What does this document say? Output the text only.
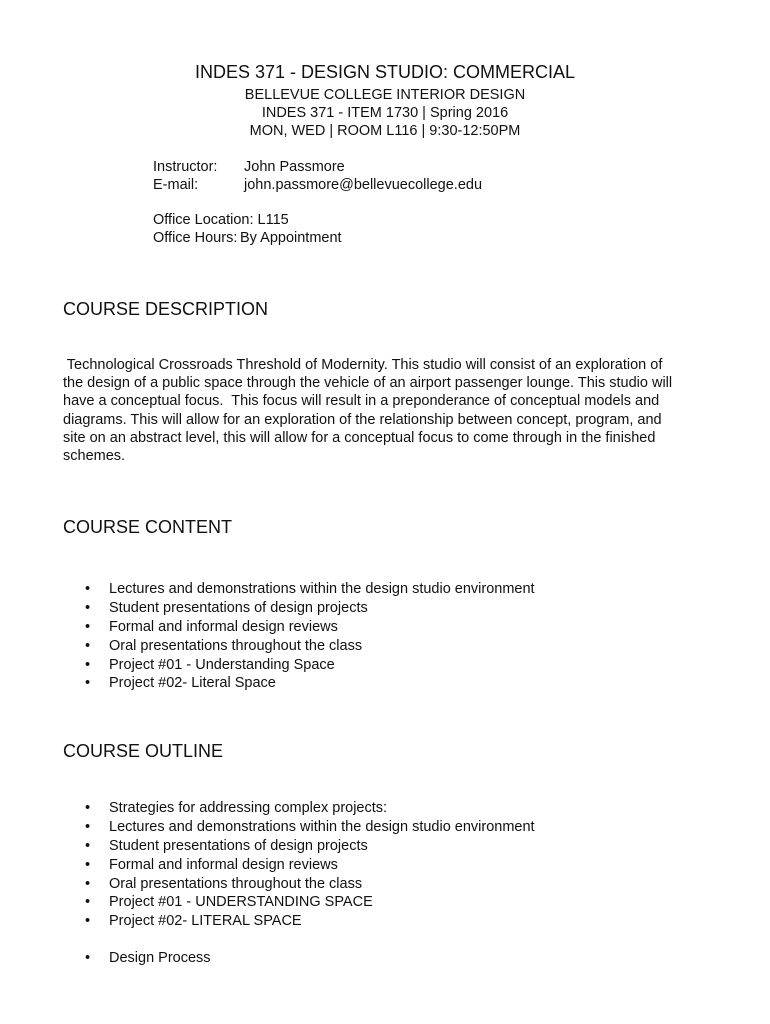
INDES 371 - DESIGN STUDIO: COMMERCIAL
BELLEVUE COLLEGE INTERIOR DESIGN
INDES 371 - ITEM 1730 | Spring 2016
MON, WED | ROOM L116 | 9:30-12:50PM
Instructor: John Passmore
E-mail:	john.passmore@bellevuecollege.edu
Office Location: L115
Office Hours: By Appointment
COURSE DESCRIPTION
Technological Crossroads Threshold of Modernity. This studio will consist of an exploration of
the design of a public space through the vehicle of an airport passenger lounge. This studio will
have a conceptual focus.  This focus will result in a preponderance of conceptual models and
diagrams. This will allow for an exploration of the relationship between concept, program, and
site on an abstract level, this will allow for a conceptual focus to come through in the finished
schemes.
COURSE CONTENT
• Lectures and demonstrations within the design studio environment
• Student presentations of design projects
• Formal and informal design reviews
• Oral presentations throughout the class
• Project #01 - Understanding Space
• Project #02- Literal Space
COURSE OUTLINE
• Strategies for addressing complex projects:
• Lectures and demonstrations within the design studio environment
• Student presentations of design projects
• Formal and informal design reviews
• Oral presentations throughout the class
• Project #01 - UNDERSTANDING SPACE
• Project #02- LITERAL SPACE
• Design Process
